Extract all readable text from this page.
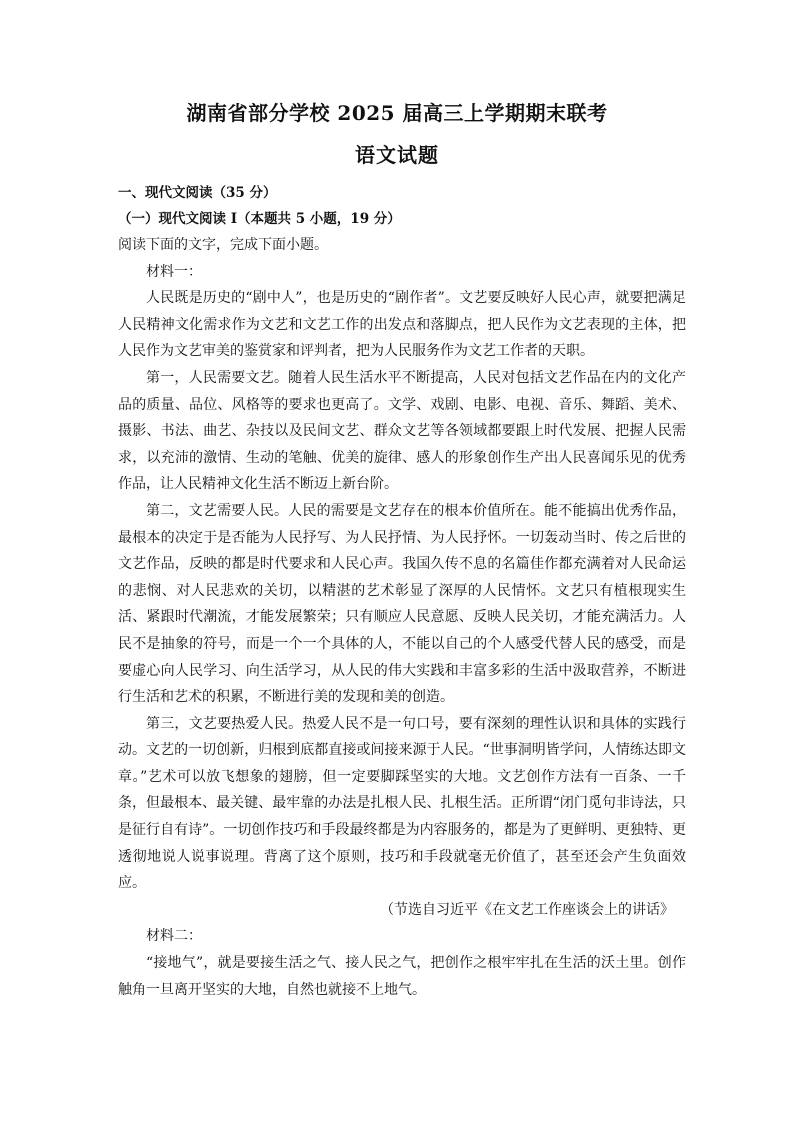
湖南省部分学校 2025 届高三上学期期末联考
语文试题
一、现代文阅读（35 分）
（一）现代文阅读 I（本题共 5 小题，19 分）
阅读下面的文字，完成下面小题。
材料一：
人民既是历史的“剧中人”，也是历史的“剧作者”。文艺要反映好人民心声，就要把满足人民精神文化需求作为文艺和文艺工作的出发点和落脚点，把人民作为文艺表现的主体，把人民作为文艺审美的鉴赏家和评判者，把为人民服务作为文艺工作者的天职。
第一，人民需要文艺。随着人民生活水平不断提高，人民对包括文艺作品在内的文化产品的质量、品位、风格等的要求也更高了。文学、戏剧、电影、电视、音乐、舞蹈、美术、摄影、书法、曲艺、杂技以及民间文艺、群众文艺等各领域都要跟上时代发展、把握人民需求，以充沛的激情、生动的笔触、优美的旋律、感人的形象创作生产出人民喜闻乐见的优秀作品，让人民精神文化生活不断迈上新台阶。
第二，文艺需要人民。人民的需要是文艺存在的根本价值所在。能不能搞出优秀作品，最根本的决定于是否能为人民抒写、为人民抒情、为人民抒怀。一切轰动当时、传之后世的文艺作品，反映的都是时代要求和人民心声。我国久传不息的名篇佳作都充满着对人民命运的悲悯、对人民悲欢的关切，以精湛的艺术彰显了深厚的人民情怀。文艺只有植根现实生活、紧跟时代潮流，才能发展繁荣；只有顺应人民意愿、反映人民关切，才能充满活力。人民不是抽象的符号，而是一个一个具体的人，不能以自己的个人感受代替人民的感受，而是要虚心向人民学习、向生活学习，从人民的伟大实践和丰富多彩的生活中汲取营养，不断进行生活和艺术的积累，不断进行美的发现和美的创造。
第三，文艺要热爱人民。热爱人民不是一句口号，要有深刻的理性认识和具体的实践行动。文艺的一切创新，归根到底都直接或间接来源于人民。“世事洞明皆学问，人情练达即文章。”艺术可以放飞想象的翅膀，但一定要脚踩坚实的大地。文艺创作方法有一百条、一千条，但最根本、最关键、最牢靠的办法是扎根人民、扎根生活。正所谓“闭门觅句非诗法，只是征行自有诗”。一切创作技巧和手段最终都是为内容服务的，都是为了更鲜明、更独特、更透彻地说人说事说理。背离了这个原则，技巧和手段就毫无价值了，甚至还会产生负面效应。
（节选自习近平《在文艺工作座谈会上的讲话》
材料二：
“接地气”，就是要接生活之气、接人民之气，把创作之根牢牢扎在生活的沃土里。创作触角一旦离开坚实的大地，自然也就接不上地气。
